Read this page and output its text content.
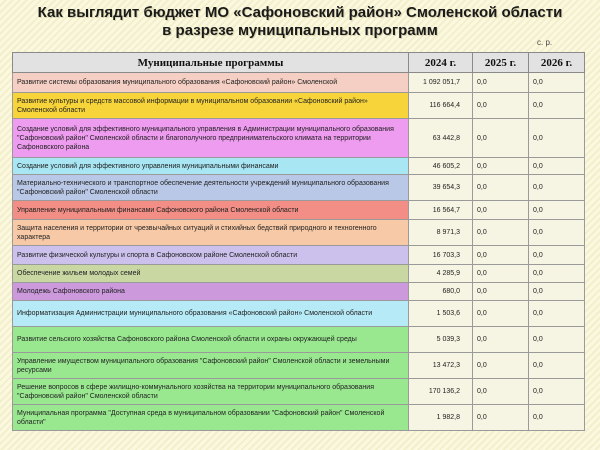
Как выглядит бюджет МО «Сафоновский район» Смоленской области
в разрезе муниципальных программ
с. р.
Муниципальные программы	2024 г.	2025 г.	2026 г.
Развитие системы образования муниципального образования «Сафоновский район» Смоленской	1 092 051,7	0,0	0,0
Развитие культуры и средств массовой информации в муниципальном образовании «Сафоновский район» Смоленской области	116 664,4	0,0	0,0
Создание условий для эффективного муниципального управления в Администрации муниципального образования "Сафоновский район" Смоленской области и благополучного предпринимательского климата на территории Сафоновского района	63 442,8	0,0	0,0
Создание условий для эффективного управления муниципальными финансами	46 605,2	0,0	0,0
Материально-технического и транспортное обеспечение деятельности учреждений муниципального образования "Сафоновский район" Смоленской области	39 654,3	0,0	0,0
Управление муниципальными финансами Сафоновского района Смоленской области	16 564,7	0,0	0,0
Защита населения и территории от чрезвычайных ситуаций и стихийных бедствий природного и техногенного характера	8 971,3	0,0	0,0
Развитие физической культуры и спорта в Сафоновском районе Смоленской области	16 703,3	0,0	0,0
Обеспечение жильем молодых семей	4 285,9	0,0	0,0
Молодежь Сафоновского района	680,0	0,0	0,0
Информатизация Администрации муниципального образования «Сафоновский район» Смоленской области	1 503,6	0,0	0,0
Развитие сельского хозяйства Сафоновского района Смоленской области и охраны окружающей среды	5 039,3	0,0	0,0
Управление имуществом муниципального образования "Сафоновский район" Смоленской области и земельными ресурсами	13 472,3	0,0	0,0
Решение вопросов в сфере жилищно-коммунального хозяйства на территории муниципального образования "Сафоновский район" Смоленской области	170 136,2	0,0	0,0
Муниципальная программа "Доступная среда в муниципальном образовании "Сафоновский район" Смоленской области"	1 982,8	0,0	0,0
